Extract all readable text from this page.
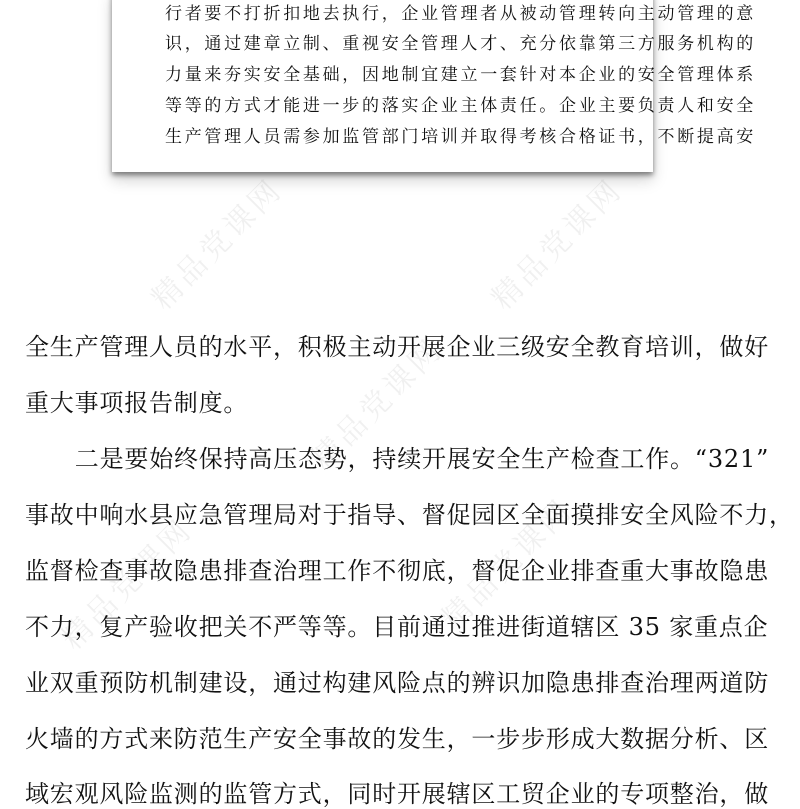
精品党课网	精品党课网
精品党课网
精品党课网	精品党课网
行者要不打折扣地去执行，企业管理者从被动管理转向主动管理的意
识，通过建章立制、重视安全管理人才、充分依靠第三方服务机构的
力量来夯实安全基础，因地制宜建立一套针对本企业的安全管理体系
等等的方式才能进一步的落实企业主体责任。企业主要负责人和安全
生产管理人员需参加监管部门培训并取得考核合格证书，不断提高安
全生产管理人员的水平，积极主动开展企业三级安全教育培训，做好
重大事项报告制度。
　二是要始终保持高压态势，持续开展安全生产检查工作。“321”
事故中响水县应急管理局对于指导、督促园区全面摸排安全风险不力，
监督检查事故隐患排查治理工作不彻底，督促企业排查重大事故隐患
不力，复产验收把关不严等等。目前通过推进街道辖区 35 家重点企
业双重预防机制建设，通过构建风险点的辨识加隐患排查治理两道防
火墙的方式来防范生产安全事故的发生，一步步形成大数据分析、区
域宏观风险监测的监管方式，同时开展辖区工贸企业的专项整治，做
